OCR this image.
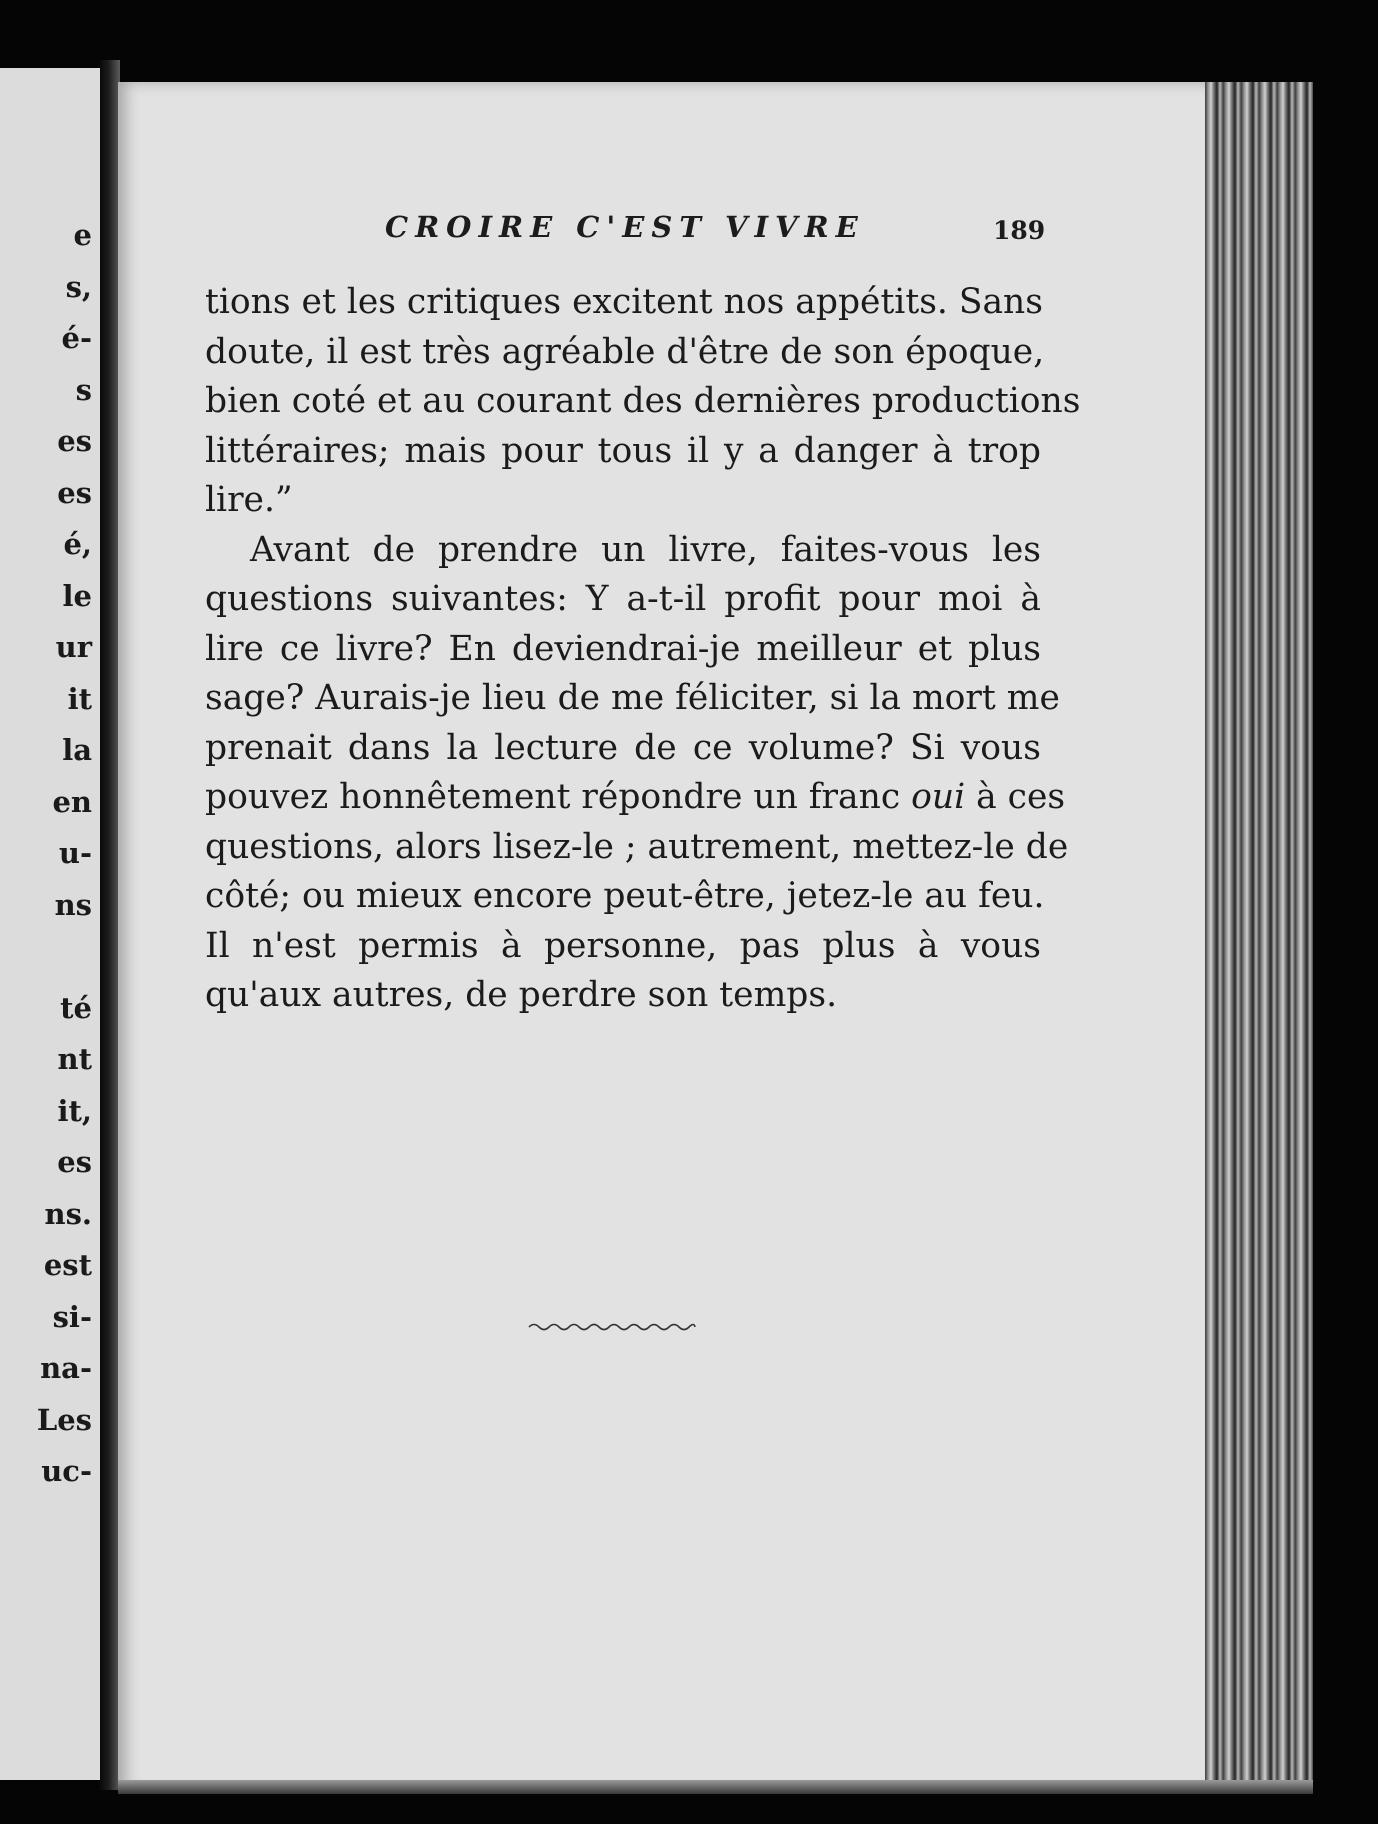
e
s,
é-
s
es
es
é,
le
ur
it
la
en
u-
ns
té
nt
it,
es
ns.
est
si-
na-
Les
uc-
CROIRE C'EST VIVRE	189
tions et les critiques excitent nos appétits. Sans
doute, il est très agréable d'être de son époque,
bien coté et au courant des dernières productions
littéraires; mais pour tous il y a danger à trop
lire.”
Avant de prendre un livre, faites-vous les
questions suivantes: Y a-t-il profit pour moi à
lire ce livre? En deviendrai-je meilleur et plus
sage? Aurais-je lieu de me féliciter, si la mort me
prenait dans la lecture de ce volume? Si vous
pouvez honnêtement répondre un franc oui à ces
questions, alors lisez-le ; autrement, mettez-le de
côté; ou mieux encore peut-être, jetez-le au feu.
Il n'est permis à personne, pas plus à vous
qu'aux autres, de perdre son temps.
